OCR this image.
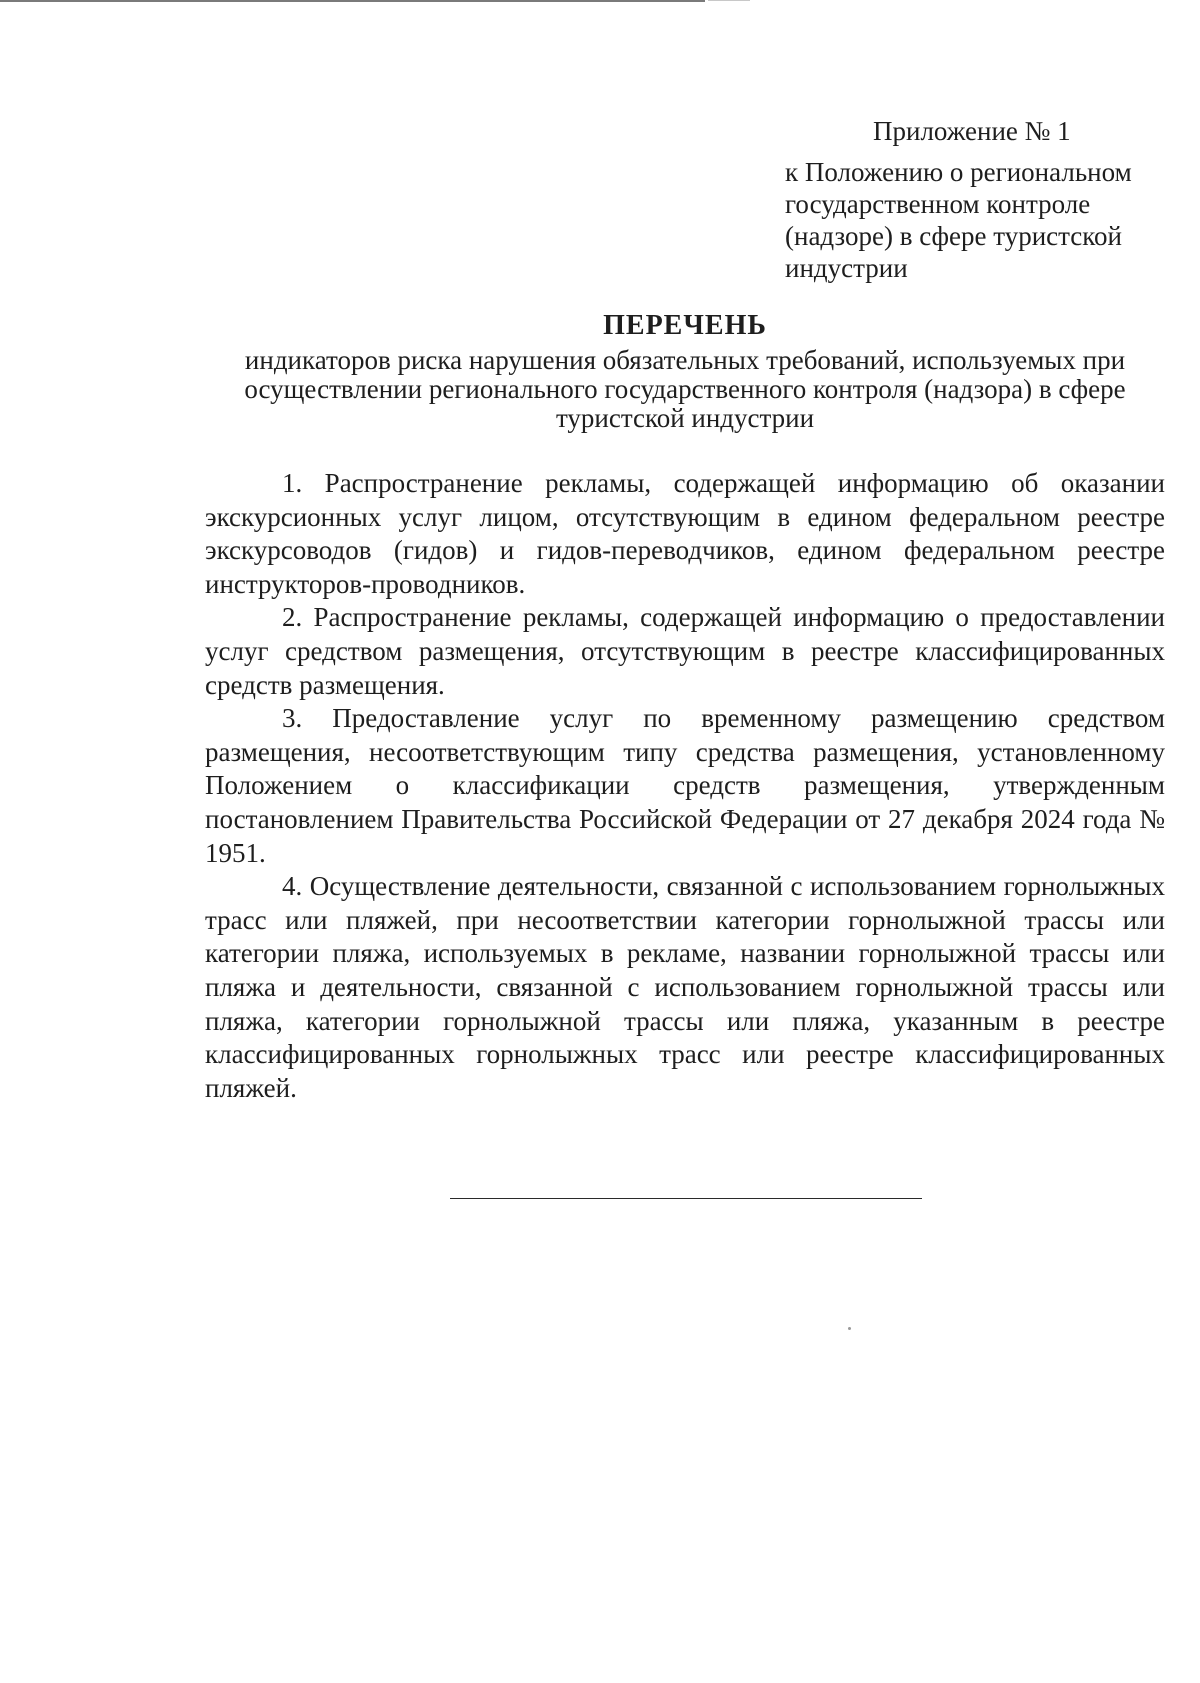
Приложение № 1

к Положению о региональном государственном контроле (надзоре) в сфере туристской индустрии

ПЕРЕЧЕНЬ
индикаторов риска нарушения обязательных требований, используемых при осуществлении регионального государственного контроля (надзора) в сфере туристской индустрии

1. Распространение рекламы, содержащей информацию об оказании экскурсионных услуг лицом, отсутствующим в едином федеральном реестре экскурсоводов (гидов) и гидов-переводчиков, едином федеральном реестре инструкторов-проводников.

2. Распространение рекламы, содержащей информацию о предоставлении услуг средством размещения, отсутствующим в реестре классифицированных средств размещения.

3. Предоставление услуг по временному размещению средством размещения, несоответствующим типу средства размещения, установленному Положением о классификации средств размещения, утвержденным постановлением Правительства Российской Федерации от 27 декабря 2024 года № 1951.

4. Осуществление деятельности, связанной с использованием горнолыжных трасс или пляжей, при несоответствии категории горнолыжной трассы или категории пляжа, используемых в рекламе, названии горнолыжной трассы или пляжа и деятельности, связанной с использованием горнолыжной трассы или пляжа, категории горнолыжной трассы или пляжа, указанным в реестре классифицированных горнолыжных трасс или реестре классифицированных пляжей.
